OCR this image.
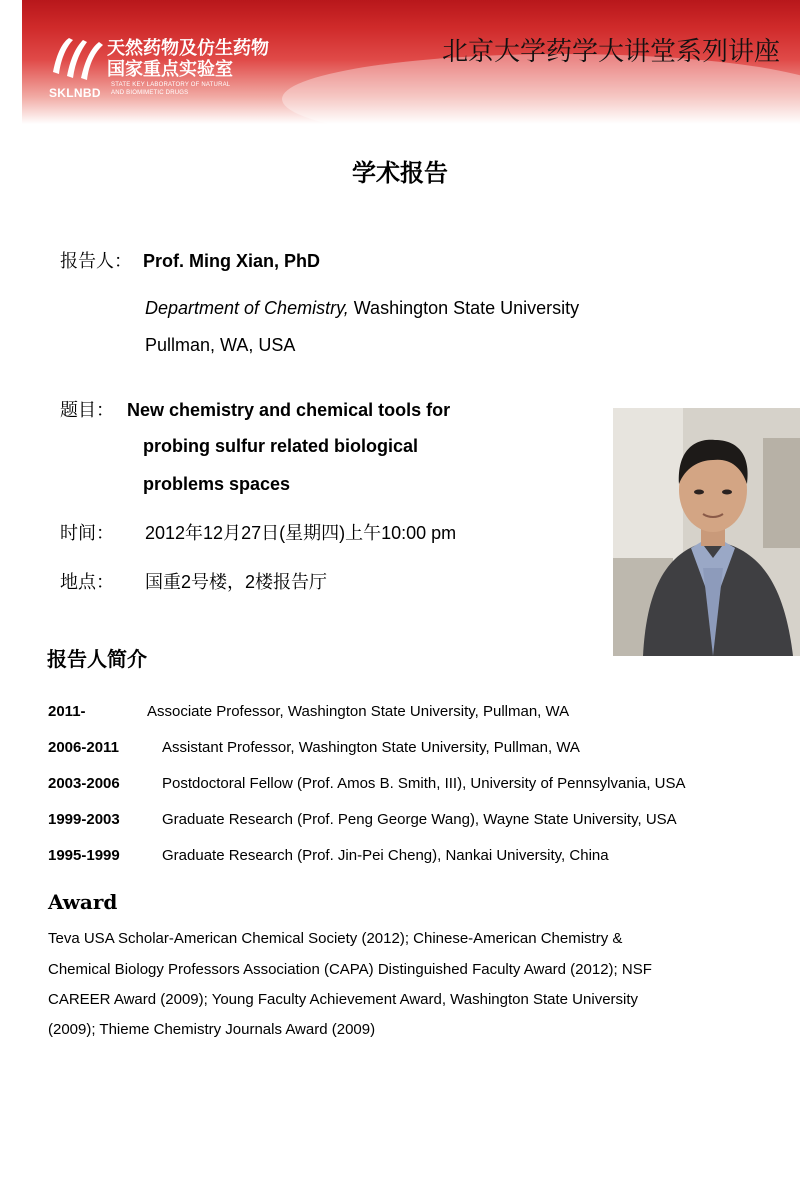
天然药物及仿生药物
国家重点实验室
SKLNBD
STATE KEY LABORATORY OF NATURAL
AND BIOMIMETIC DRUGS
北京大学药学大讲堂系列讲座
学术报告
报告人： Prof. Ming Xian, PhD
Department of Chemistry, Washington State University
Pullman, WA, USA
题目： New chemistry and chemical tools for
probing sulfur related biological
problems spaces
时间： 2012年12月27日(星期四)上午10:00 pm
地点： 国重2号楼，2楼报告厅
报告人简介
2011-	Associate Professor, Washington State University, Pullman, WA
2006-2011	Assistant Professor, Washington State University, Pullman, WA
2003-2006	Postdoctoral Fellow (Prof. Amos B. Smith, III), University of Pennsylvania, USA
1999-2003	Graduate Research (Prof. Peng George Wang), Wayne State University, USA
1995-1999	Graduate Research (Prof. Jin-Pei Cheng), Nankai University, China
Award
Teva USA Scholar-American Chemical Society (2012); Chinese-American Chemistry &
Chemical Biology Professors Association (CAPA) Distinguished Faculty Award (2012); NSF
CAREER Award (2009); Young Faculty Achievement Award, Washington State University
(2009); Thieme Chemistry Journals Award (2009)
